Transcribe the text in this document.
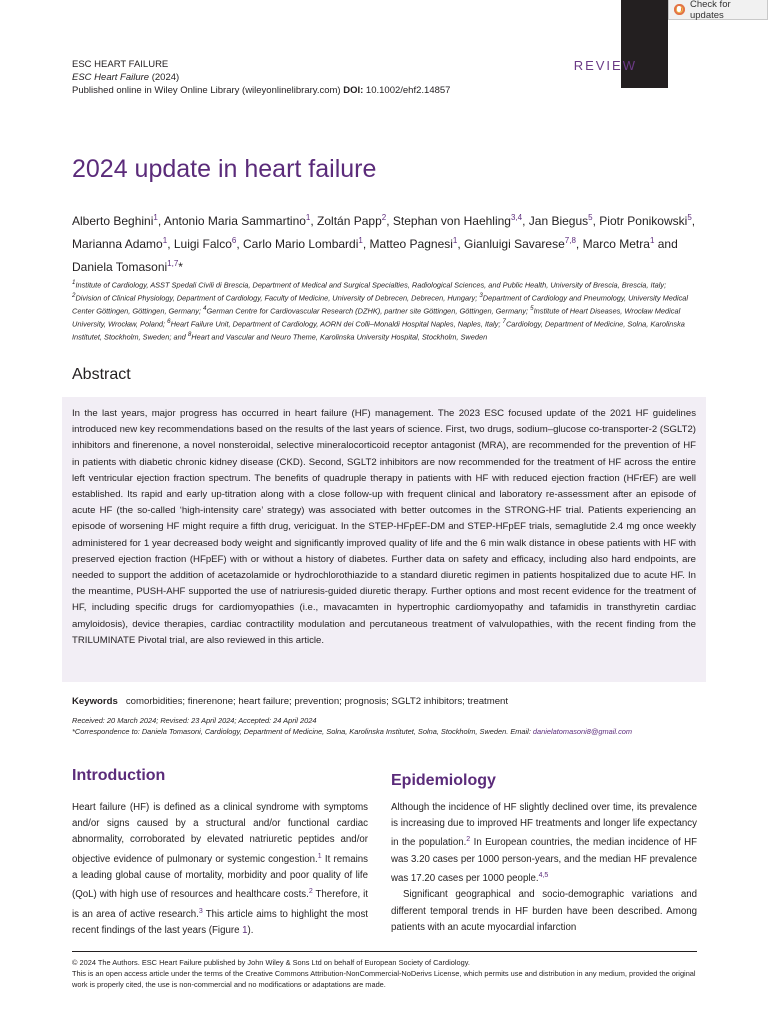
Check for updates
ESC HEART FAILURE
ESC Heart Failure (2024)
Published online in Wiley Online Library (wileyonlinelibrary.com) DOI: 10.1002/ehf2.14857
REVIEW
2024 update in heart failure
Alberto Beghini$^1$, Antonio Maria Sammartino$^1$, Zoltán Papp$^2$, Stephan von Haehling$^{3,4}$, Jan Biegus$^5$, Piotr Ponikowski$^5$, Marianna Adamo$^1$, Luigi Falco$^6$, Carlo Mario Lombardi$^1$, Matteo Pagnesi$^1$, Gianluigi Savarese$^{7,8}$, Marco Metra$^1$ and Daniela Tomasoni$^{1,7}$*
$^1$Institute of Cardiology, ASST Spedali Civili di Brescia, Department of Medical and Surgical Specialties, Radiological Sciences, and Public Health, University of Brescia, Brescia, Italy; $^2$Division of Clinical Physiology, Department of Cardiology, Faculty of Medicine, University of Debrecen, Debrecen, Hungary; $^3$Department of Cardiology and Pneumology, University Medical Center Göttingen, Göttingen, Germany; $^4$German Centre for Cardiovascular Research (DZHK), partner site Göttingen, Göttingen, Germany; $^5$Institute of Heart Diseases, Wrocław Medical University, Wrocław, Poland; $^6$Heart Failure Unit, Department of Cardiology, AORN dei Colli–Monaldi Hospital Naples, Naples, Italy; $^7$Cardiology, Department of Medicine, Solna, Karolinska Institutet, Stockholm, Sweden; and $^8$Heart and Vascular and Neuro Theme, Karolinska University Hospital, Stockholm, Sweden
Abstract
In the last years, major progress has occurred in heart failure (HF) management. The 2023 ESC focused update of the 2021 HF guidelines introduced new key recommendations based on the results of the last years of science. First, two drugs, sodium–glucose co-transporter-2 (SGLT2) inhibitors and finerenone, a novel nonsteroidal, selective mineralocorticoid receptor antagonist (MRA), are recommended for the prevention of HF in patients with diabetic chronic kidney disease (CKD). Second, SGLT2 inhibitors are now recommended for the treatment of HF across the entire left ventricular ejection fraction spectrum. The benefits of quadruple therapy in patients with HF with reduced ejection fraction (HFrEF) are well established. Its rapid and early up-titration along with a close follow-up with frequent clinical and laboratory re-assessment after an episode of acute HF (the so-called ‘high-intensity care’ strategy) was associated with better outcomes in the STRONG-HF trial. Patients experiencing an episode of worsening HF might require a fifth drug, vericiguat. In the STEP-HFpEF-DM and STEP-HFpEF trials, semaglutide 2.4 mg once weekly administered for 1 year decreased body weight and significantly improved quality of life and the 6 min walk distance in obese patients with HF with preserved ejection fraction (HFpEF) with or without a history of diabetes. Further data on safety and efficacy, including also hard endpoints, are needed to support the addition of acetazolamide or hydrochlorothiazide to a standard diuretic regimen in patients hospitalized due to acute HF. In the meantime, PUSH-AHF supported the use of natriuresis-guided diuretic therapy. Further options and most recent evidence for the treatment of HF, including specific drugs for cardiomyopathies (i.e., mavacamten in hypertrophic cardiomyopathy and tafamidis in transthyretin cardiac amyloidosis), device therapies, cardiac contractility modulation and percutaneous treatment of valvulopathies, with the recent finding from the TRILUMINATE Pivotal trial, are also reviewed in this article.
Keywords comorbidities; finerenone; heart failure; prevention; prognosis; SGLT2 inhibitors; treatment
Received: 20 March 2024; Revised: 23 April 2024; Accepted: 24 April 2024
*Correspondence to: Daniela Tomasoni, Cardiology, Department of Medicine, Solna, Karolinska Institutet, Solna, Stockholm, Sweden. Email: danielatomasoni8@gmail.com
Introduction

Heart failure (HF) is defined as a clinical syndrome with symptoms and/or signs caused by a structural and/or functional cardiac abnormality, corroborated by elevated natriuretic peptides and/or objective evidence of pulmonary or systemic congestion.$^1$ It remains a leading global cause of mortality, morbidity and poor quality of life (QoL) with high use of resources and healthcare costs.$^2$ Therefore, it is an area of active research.$^3$ This article aims to highlight the most recent findings of the last years (Figure 1).

Epidemiology

Although the incidence of HF slightly declined over time, its prevalence is increasing due to improved HF treatments and longer life expectancy in the population.$^2$ In European countries, the median incidence of HF was 3.20 cases per 1000 person-years, and the median HF prevalence was 17.20 cases per 1000 people.$^{4,5}$

Significant geographical and socio-demographic variations and different temporal trends in HF burden have been described. Among patients with an acute myocardial infarction

© 2024 The Authors. ESC Heart Failure published by John Wiley & Sons Ltd on behalf of European Society of Cardiology.
This is an open access article under the terms of the Creative Commons Attribution-NonCommercial-NoDerivs License, which permits use and distribution in any medium, provided the original work is properly cited, the use is non-commercial and no modifications or adaptations are made.
